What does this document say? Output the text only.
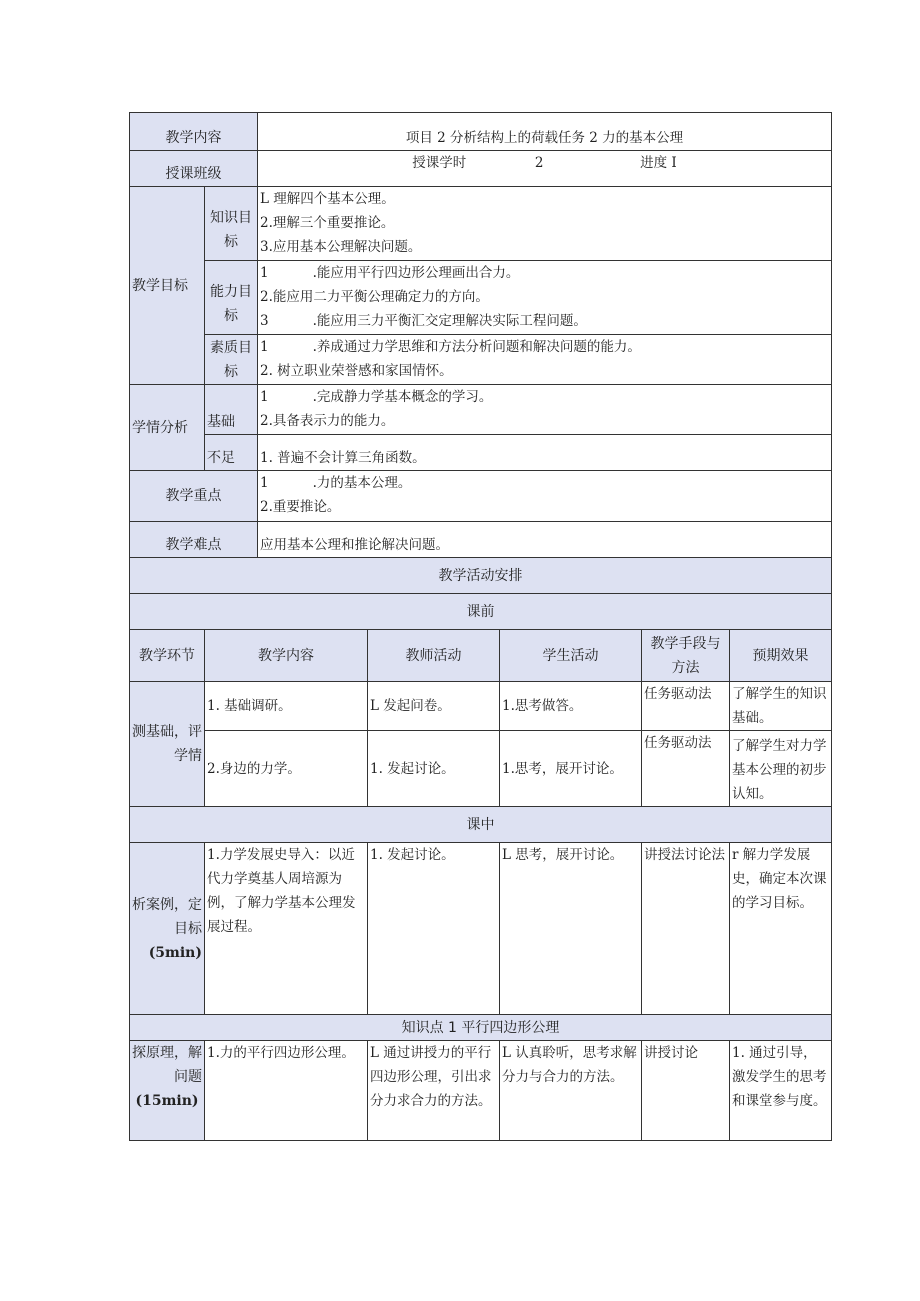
教学内容		项目 2 分析结构上的荷载任务 2 力的基本公理				
授课班级		授课学时 2 进度 I				
教学目标	知识目标	L 理解四个基本公理。
2.理解三个重要推论。
3.应用基本公理解决问题。				

	能力目标	1 .能应用平行四边形公理画出合力。
2.能应用二力平衡公理确定力的方向。
3 .能应用三力平衡汇交定理解决实际工程问题。				

	素质目标	1 .养成通过力学思维和方法分析问题和解决问题的能力。
2. 树立职业荣誉感和家国情怀。				

学情分析	基础	1 .完成静力学基本概念的学习。
2.具备表示力的能力。				

	不足	1. 普遍不会计算三角函数。				
教学重点		1 .力的基本公理。
2.重要推论。				

教学难点		应用基本公理和推论解决问题。				
教学活动安排						
课前						
教学环节	教学内容		教师活动	学生活动	教学手段与方法	预期效果
测基础，评学情	1. 基础调研。		L 发起问卷。	1.思考做答。	任务驱动法	了解学生的知识基础。
	2.身边的力学。		1. 发起讨论。	1.思考，展开讨论。	任务驱动法	了解学生对力学基本公理的初步认知。
课中						
析案例，定目标
(5min)	1.力学发展史导入：以近代力学奠基人周培源为例，了解力学基本公理发展过程。		1. 发起讨论。	L 思考，展开讨论。	讲授法讨论法	r 解力学发展史，确定本次课的学习目标。
知识点 1 平行四边形公理						
探原理，解问题
(15min)	1.力的平行四边形公理。		L 通过讲授力的平行四边形公理，引出求分力求合力的方法。	L 认真聆听，思考求解分力与合力的方法。	讲授讨论	1. 通过引导，激发学生的思考和课堂参与度。
